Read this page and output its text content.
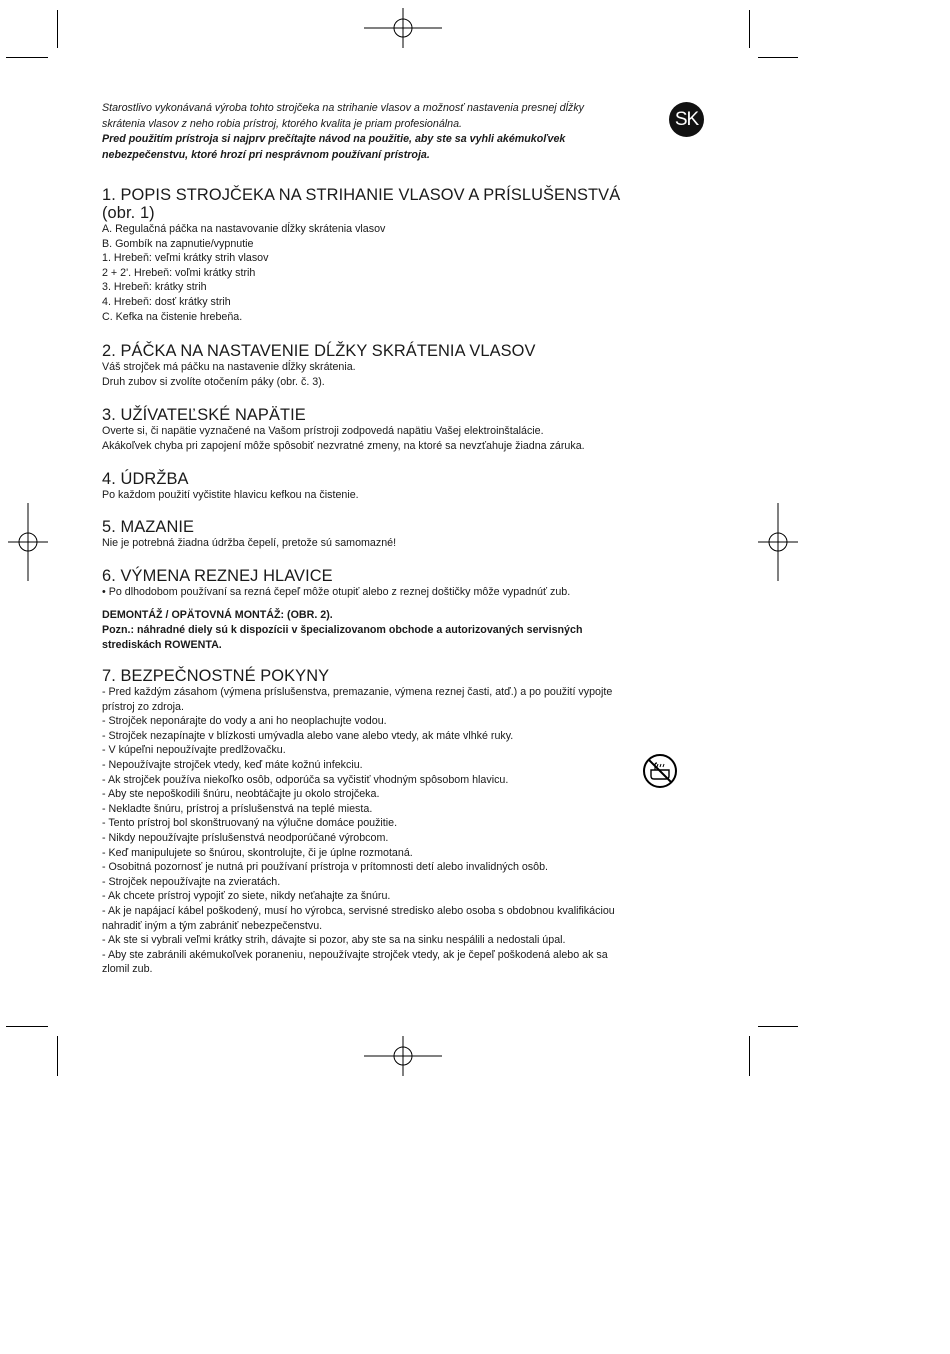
SK

Starostlivo vykonávaná výroba tohto strojčeka na strihanie vlasov a možnosť nastavenia presnej dĺžky

skrátenia vlasov z neho robia prístroj, ktorého kvalita je priam profesionálna.

Pred použitím prístroja si najprv prečítajte návod na použitie, aby ste sa vyhli akémukoľvek

nebezpečenstvu, ktoré hrozí pri nesprávnom používaní prístroja.

1. POPIS STROJČEKA NA STRIHANIE VLASOV A PRÍSLUŠENSTVÁ
(obr. 1)
A. Regulačná páčka na nastavovanie dĺžky skrátenia vlasov
B. Gombík na zapnutie/vypnutie
1. Hrebeň: veľmi krátky strih vlasov
2 + 2'. Hrebeň: voľmi krátky strih
3. Hrebeň: krátky strih
4. Hrebeň: dosť krátky strih
C. Kefka na čistenie hrebeňa.
2. PÁČKA NA NASTAVENIE DĹŽKY SKRÁTENIA VLASOV

Váš strojček má páčku na nastavenie dĺžky skrátenia.

Druh zubov si zvolíte otočením páky (obr. č. 3).

3. UŽÍVATEĽSKÉ NAPÄTIE

Overte si, či napätie vyznačené na Vašom prístroji zodpovedá napätiu Vašej elektroinštalácie.

Akákoľvek chyba pri zapojení môže spôsobiť nezvratné zmeny, na ktoré sa nevzťahuje žiadna záruka.

4. ÚDRŽBA

Po každom použití vyčistite hlavicu kefkou na čistenie.

5. MAZANIE

Nie je potrebná žiadna údržba čepelí, pretože sú samomazné!

6. VÝMENA REZNEJ HLAVICE

• Po dlhodobom používaní sa rezná čepeľ môže otupiť alebo z reznej doštičky môže vypadnúť zub.

DEMONTÁŽ / OPÄTOVNÁ MONTÁŽ: (OBR. 2).

Pozn.: náhradné diely sú k dispozícii v špecializovanom obchode a autorizovaných servisných

strediskách ROWENTA.

7. BEZPEČNOSTNÉ POKYNY
- Pred každým zásahom (výmena príslušenstva, premazanie, výmena reznej časti, atď.) a po použití vypojte
prístroj zo zdroja.
- Strojček neponárajte do vody a ani ho neoplachujte vodou.
- Strojček nezapínajte v blízkosti umývadla alebo vane alebo vtedy, ak máte vlhké ruky.
- V kúpeľni nepoužívajte predlžovačku.
- Nepoužívajte strojček vtedy, keď máte kožnú infekciu.
- Ak strojček používa niekoľko osôb, odporúča sa vyčistiť vhodným spôsobom hlavicu.
- Aby ste nepoškodili šnúru, neobtáčajte ju okolo strojčeka.
- Nekladte šnúru, prístroj a príslušenstvá na teplé miesta.
- Tento prístroj bol skonštruovaný na výlučne domáce použitie.
- Nikdy nepoužívajte príslušenstvá neodporúčané výrobcom.
- Keď manipulujete so šnúrou, skontrolujte, či je úplne rozmotaná.
- Osobitná pozornosť je nutná pri používaní prístroja v prítomnosti detí alebo invalidných osôb.
- Strojček nepoužívajte na zvieratách.
- Ak chcete prístroj vypojiť zo siete, nikdy neťahajte za šnúru.
- Ak je napájací kábel poškodený, musí ho výrobca, servisné stredisko alebo osoba s obdobnou kvalifikáciou
nahradiť iným a tým zabrániť nebezpečenstvu.
- Ak ste si vybrali veľmi krátky strih, dávajte si pozor, aby ste sa na sinku nespálili a nedostali úpal.
- Aby ste zabránili akémukoľvek poraneniu, nepoužívajte strojček vtedy, ak je čepeľ poškodená alebo ak sa
zlomil zub.
